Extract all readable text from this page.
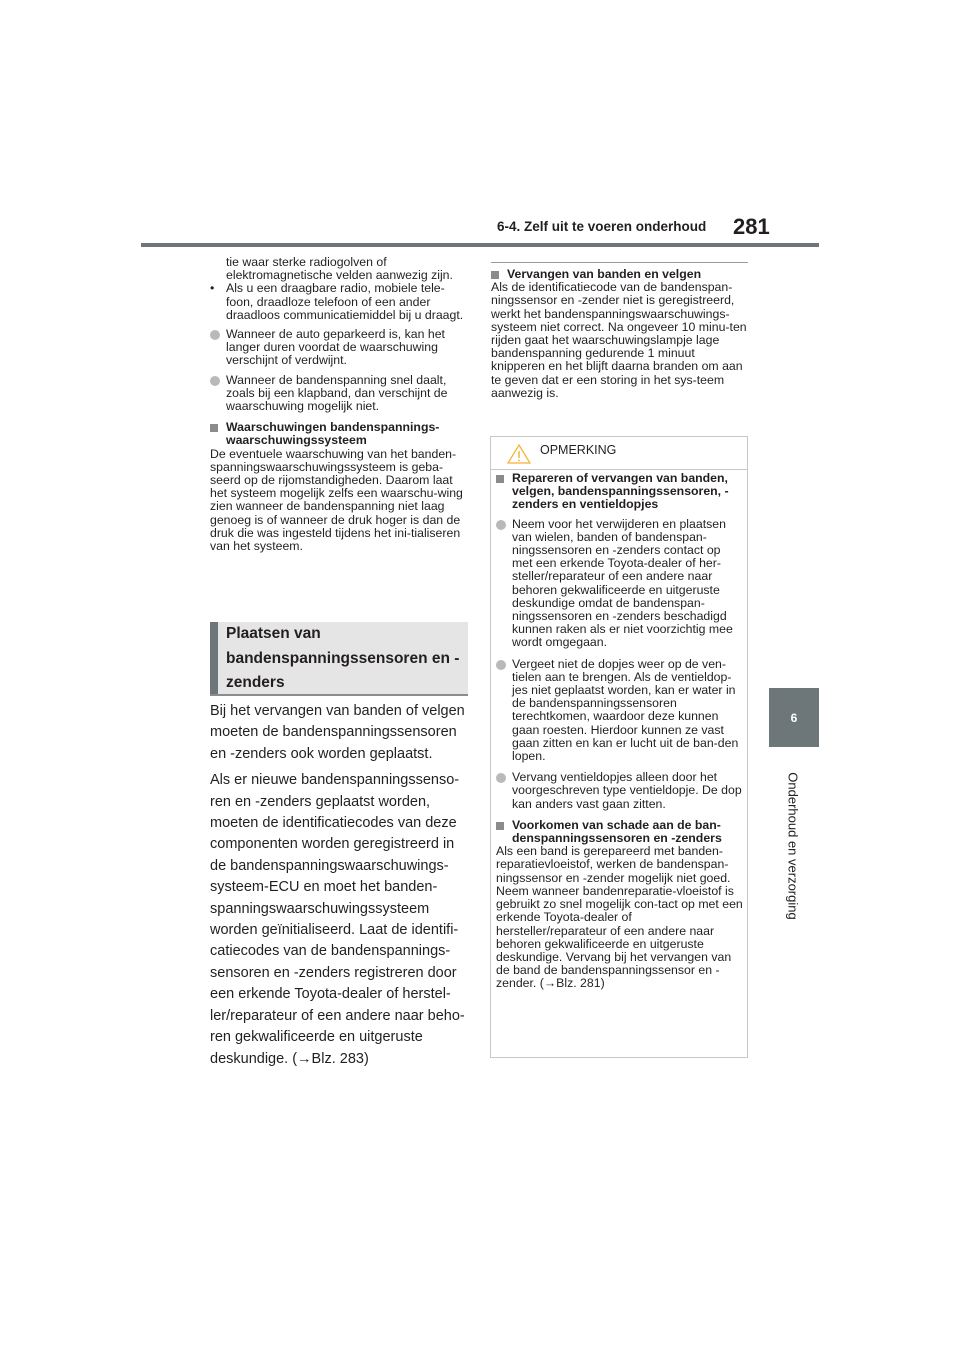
6-4. Zelf uit te voeren onderhoud 281
6
Onderhoud en verzorging

tie waar sterke radiogolven of elektromagnetische velden aanwezig zijn.

• Als u een draagbare radio, mobiele tele-foon, draadloze telefoon of een ander draadloos communicatiemiddel bij u draagt.
Wanneer de auto geparkeerd is, kan het langer duren voordat de waarschuwing verschijnt of verdwijnt.
Wanneer de bandenspanning snel daalt, zoals bij een klapband, dan verschijnt de waarschuwing mogelijk niet.
Waarschuwingen bandenspannings-waarschuwingssysteem

De eventuele waarschuwing van het banden-spanningswaarschuwingssysteem is geba-seerd op de rijomstandigheden. Daarom laat het systeem mogelijk zelfs een waarschu-wing zien wanneer de bandenspanning niet laag genoeg is of wanneer de druk hoger is dan de druk die was ingesteld tijdens het ini-tialiseren van het systeem.

Plaatsen van bandenspanningssensoren en -zenders

Bij het vervangen van banden of velgen moeten de bandenspanningssensoren en -zenders ook worden geplaatst.

Als er nieuwe bandenspanningssenso-ren en -zenders geplaatst worden, moeten de identificatiecodes van deze componenten worden geregistreerd in de bandenspanningswaarschuwings-systeem-ECU en moet het banden-spanningswaarschuwingssysteem worden geïnitialiseerd. Laat de identifi-catiecodes van de bandenspannings-sensoren en -zenders registreren door een erkende Toyota-dealer of herstel-ler/reparateur of een andere naar beho-ren gekwalificeerde en uitgeruste deskundige. (→Blz. 283)

Vervangen van banden en velgen

Als de identificatiecode van de bandenspan-ningssensor en -zender niet is geregistreerd, werkt het bandenspanningswaarschuwings-systeem niet correct. Na ongeveer 10 minu-ten rijden gaat het waarschuwingslampje lage bandenspanning gedurende 1 minuut knipperen en het blijft daarna branden om aan te geven dat er een storing in het sys-teem aanwezig is.

OPMERKING
Repareren of vervangen van banden, velgen, bandenspanningssensoren, -zenders en ventieldopjes
Neem voor het verwijderen en plaatsen van wielen, banden of bandenspan-ningssensoren en -zenders contact op met een erkende Toyota-dealer of her-steller/reparateur of een andere naar behoren gekwalificeerde en uitgeruste deskundige omdat de bandenspan-ningssensoren en -zenders beschadigd kunnen raken als er niet voorzichtig mee wordt omgegaan.
Vergeet niet de dopjes weer op de ven-tielen aan te brengen. Als de ventieldop-jes niet geplaatst worden, kan er water in de bandenspanningssensoren terechtkomen, waardoor deze kunnen gaan roesten. Hierdoor kunnen ze vast gaan zitten en kan er lucht uit de ban-den lopen.
Vervang ventieldopjes alleen door het voorgeschreven type ventieldopje. De dop kan anders vast gaan zitten.
Voorkomen van schade aan de ban-denspanningssensoren en -zenders

Als een band is gerepareerd met banden-reparatievloeistof, werken de bandenspan-ningssensor en -zender mogelijk niet goed. Neem wanneer bandenreparatie-vloeistof is gebruikt zo snel mogelijk con-tact op met een erkende Toyota-dealer of hersteller/reparateur of een andere naar behoren gekwalificeerde en uitgeruste deskundige. Vervang bij het vervangen van de band de bandenspanningssensor en -zender. (→Blz. 281)
